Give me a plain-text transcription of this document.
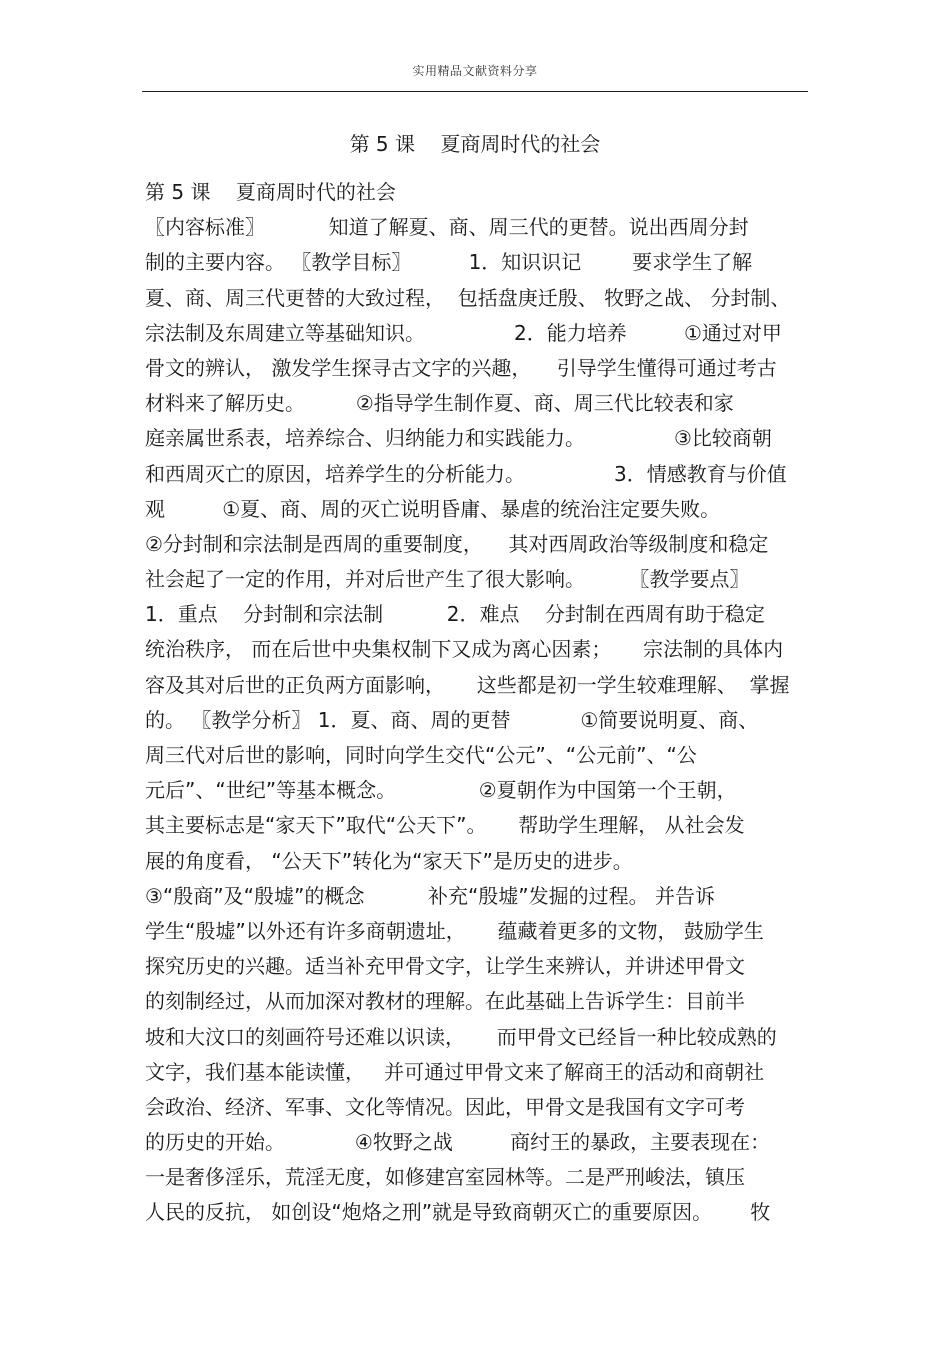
实用精品文献资料分享
第 5 课    夏商周时代的社会
第 5 课    夏商周时代的社会
〖内容标准〗          知道了解夏、商、周三代的更替。说出西周分封
制的主要内容。 〖教学目标〗         1．知识识记        要求学生了解
夏、商、周三代更替的大致过程，  包括盘庚迁殷、 牧野之战、 分封制、
宗法制及东周建立等基础知识。              2．能力培养         ①通过对甲
骨文的辨认， 激发学生探寻古文字的兴趣，    引导学生懂得可通过考古
材料来了解历史。        ②指导学生制作夏、商、周三代比较表和家
庭亲属世系表，培养综合、归纳能力和实践能力。              ③比较商朝
和西周灭亡的原因，培养学生的分析能力。              3．情感教育与价值
观         ①夏、商、周的灭亡说明昏庸、暴虐的统治注定要失败。
②分封制和宗法制是西周的重要制度，    其对西周政治等级制度和稳定
社会起了一定的作用，并对后世产生了很大影响。       〖教学要点〗
1．重点    分封制和宗法制          2．难点    分封制在西周有助于稳定
统治秩序， 而在后世中央集权制下又成为离心因素；     宗法制的具体内
容及其对后世的正负两方面影响，     这些都是初一学生较难理解、  掌握
的。 〖教学分析〗 1．夏、商、周的更替           ①简要说明夏、商、
周三代对后世的影响，同时向学生交代“公元”、“公元前”、“公
元后”、“世纪”等基本概念。             ②夏朝作为中国第一个王朝，
其主要标志是“家天下”取代“公天下”。     帮助学生理解， 从社会发
展的角度看， “公天下”转化为“家天下”是历史的进步。
③“殷商”及“殷墟”的概念          补充“殷墟”发掘的过程。 并告诉
学生“殷墟”以外还有许多商朝遗址，     蕴藏着更多的文物， 鼓励学生
探究历史的兴趣。适当补充甲骨文字，让学生来辨认，并讲述甲骨文
的刻制经过，从而加深对教材的理解。在此基础上告诉学生：目前半
坡和大汶口的刻画符号还难以识读，     而甲骨文已经旨一种比较成熟的
文字，我们基本能读懂，   并可通过甲骨文来了解商王的活动和商朝社
会政治、经济、军事、文化等情况。因此，甲骨文是我国有文字可考
的历史的开始。           ④牧野之战         商纣王的暴政，主要表现在：
一是奢侈淫乐，荒淫无度，如修建宫室园林等。二是严刑峻法，镇压
人民的反抗， 如创设“炮烙之刑”就是导致商朝灭亡的重要原因。      牧
